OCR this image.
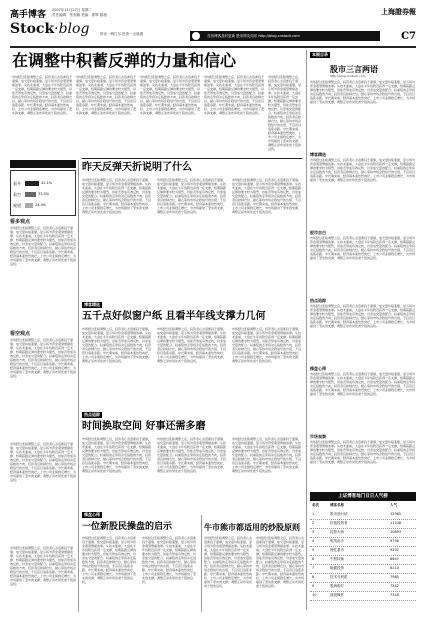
高手博客 2007年11月27日 星期二
责任编辑：张有鹏 美编：郭辉 邮箱：
Stock·blog
上海證券報
$^{在线博客及时更新 股市网友同乐 http://blog.cnstock.com}$
资讯一网打尽 投资一点就通	C7
在调整中积蓄反弹的力量和信心
市场经过连续调整之后，投资者心态逐渐趋于谨慎，成交量持续萎缩，显示场外资金观望情绪浓厚。从技术面看，大盘在半年线附近获得一定支撑，短期超跌反弹的要求较为强烈，但能否形成有效反转，仍需成交量的配合。权重股的走势将决定指数的方向，投资者宜控制仓位，耐心等待市场企稳信号的出现，不宜盲目追涨杀跌。中长期来看，经济基本面依然向好，上市公司业绩稳定增长，为市场提供了坚实的支撑，调整正是布局优质个股的良机。
市场经过连续调整之后，投资者心态逐渐趋于谨慎，成交量持续萎缩，显示场外资金观望情绪浓厚。从技术面看，大盘在半年线附近获得一定支撑，短期超跌反弹的要求较为强烈，但能否形成有效反转，仍需成交量的配合。权重股的走势将决定指数的方向，投资者宜控制仓位，耐心等待市场企稳信号的出现，不宜盲目追涨杀跌。中长期来看，经济基本面依然向好，上市公司业绩稳定增长，为市场提供了坚实的支撑，调整正是布局优质个股的良机。
市场经过连续调整之后，投资者心态逐渐趋于谨慎，成交量持续萎缩，显示场外资金观望情绪浓厚。从技术面看，大盘在半年线附近获得一定支撑，短期超跌反弹的要求较为强烈，但能否形成有效反转，仍需成交量的配合。权重股的走势将决定指数的方向，投资者宜控制仓位，耐心等待市场企稳信号的出现，不宜盲目追涨杀跌。中长期来看，经济基本面依然向好，上市公司业绩稳定增长，为市场提供了坚实的支撑，调整正是布局优质个股的良机。
市场经过连续调整之后，投资者心态逐渐趋于谨慎，成交量持续萎缩，显示场外资金观望情绪浓厚。从技术面看，大盘在半年线附近获得一定支撑，短期超跌反弹的要求较为强烈，但能否形成有效反转，仍需成交量的配合。权重股的走势将决定指数的方向，投资者宜控制仓位，耐心等待市场企稳信号的出现，不宜盲目追涨杀跌。中长期来看，经济基本面依然向好，上市公司业绩稳定增长，为市场提供了坚实的支撑，调整正是布局优质个股的良机。
市场经过连续调整之后，投资者心态逐渐趋于谨慎，成交量持续萎缩，显示场外资金观望情绪浓厚。从技术面看，大盘在半年线附近获得一定支撑，短期超跌反弹的要求较为强烈，但能否形成有效反转，仍需成交量的配合。权重股的走势将决定指数的方向，投资者宜控制仓位，耐心等待市场企稳信号的出现，不宜盲目追涨杀跌。中长期来看，经济基本面依然向好，上市公司业绩稳定增长，为市场提供了坚实的支撑，调整正是布局优质个股的良机。
本期目录
股市三言两语
http://blog.cnstock.com
市场经过连续调整之后，投资者心态逐渐趋于谨慎，成交量持续萎缩，显示场外资金观望情绪浓厚。从技术面看，大盘在半年线附近获得一定支撑，短期超跌反弹的要求较为强烈，但能否形成有效反转，仍需成交量的配合。权重股的走势将决定指数的方向，投资者宜控制仓位，耐心等待市场企稳信号的出现，不宜盲目追涨杀跌。中长期来看，经济基本面依然向好，上市公司业绩稳定增长，为市场提供了坚实的支撑，调整正是布局优质个股的良机。
博客精选
市场经过连续调整之后，投资者心态逐渐趋于谨慎，成交量持续萎缩，显示场外资金观望情绪浓厚。从技术面看，大盘在半年线附近获得一定支撑，短期超跌反弹的要求较为强烈，但能否形成有效反转，仍需成交量的配合。权重股的走势将决定指数的方向，投资者宜控制仓位，耐心等待市场企稳信号的出现，不宜盲目追涨杀跌。中长期来看，经济基本面依然向好，上市公司业绩稳定增长，为市场提供了坚实的支撑，调整正是布局优质个股的良机。
股市自白
市场经过连续调整之后，投资者心态逐渐趋于谨慎，成交量持续萎缩，显示场外资金观望情绪浓厚。从技术面看，大盘在半年线附近获得一定支撑，短期超跌反弹的要求较为强烈，但能否形成有效反转，仍需成交量的配合。权重股的走势将决定指数的方向，投资者宜控制仓位，耐心等待市场企稳信号的出现，不宜盲目追涨杀跌。中长期来看，经济基本面依然向好，上市公司业绩稳定增长，为市场提供了坚实的支撑，调整正是布局优质个股的良机。
热点追踪
市场经过连续调整之后，投资者心态逐渐趋于谨慎，成交量持续萎缩，显示场外资金观望情绪浓厚。从技术面看，大盘在半年线附近获得一定支撑，短期超跌反弹的要求较为强烈，但能否形成有效反转，仍需成交量的配合。权重股的走势将决定指数的方向，投资者宜控制仓位，耐心等待市场企稳信号的出现，不宜盲目追涨杀跌。中长期来看，经济基本面依然向好，上市公司业绩稳定增长，为市场提供了坚实的支撑，调整正是布局优质个股的良机。
操盘心得
市场经过连续调整之后，投资者心态逐渐趋于谨慎，成交量持续萎缩，显示场外资金观望情绪浓厚。从技术面看，大盘在半年线附近获得一定支撑，短期超跌反弹的要求较为强烈，但能否形成有效反转，仍需成交量的配合。权重股的走势将决定指数的方向，投资者宜控制仓位，耐心等待市场企稳信号的出现，不宜盲目追涨杀跌。中长期来看，经济基本面依然向好，上市公司业绩稳定增长，为市场提供了坚实的支撑，调整正是布局优质个股的良机。
市场观察
市场经过连续调整之后，投资者心态逐渐趋于谨慎，成交量持续萎缩，显示场外资金观望情绪浓厚。从技术面看，大盘在半年线附近获得一定支撑，短期超跌反弹的要求较为强烈，但能否形成有效反转，仍需成交量的配合。权重股的走势将决定指数的方向，投资者宜控制仓位，耐心等待市场企稳信号的出现，不宜盲目追涨杀跌。中长期来看，经济基本面依然向好，上市公司业绩稳定增长，为市场提供了坚实的支撑，调整正是布局优质个股的良机。
上证博客地门日日人气榜
名次	博客名称	人气
1	股市独行侠	12365
2	价值投资者	11248
3	趋势大师	10893
4	短线高手	9756
5	理性看市	9102
6	牛熊转换	8847
7	稳健投资	8210
8	技术分析派	7985
9	股海明灯	7542
10	波段操作	7318
多空对决
看多	42.1%
看空	33.5%
观望	24.4%
看多观点
市场经过连续调整之后，投资者心态逐渐趋于谨慎，成交量持续萎缩，显示场外资金观望情绪浓厚。从技术面看，大盘在半年线附近获得一定支撑，短期超跌反弹的要求较为强烈，但能否形成有效反转，仍需成交量的配合。权重股的走势将决定指数的方向，投资者宜控制仓位，耐心等待市场企稳信号的出现，不宜盲目追涨杀跌。中长期来看，经济基本面依然向好，上市公司业绩稳定增长，为市场提供了坚实的支撑，调整正是布局优质个股的良机。
看空观点
市场经过连续调整之后，投资者心态逐渐趋于谨慎，成交量持续萎缩，显示场外资金观望情绪浓厚。从技术面看，大盘在半年线附近获得一定支撑，短期超跌反弹的要求较为强烈，但能否形成有效反转，仍需成交量的配合。权重股的走势将决定指数的方向，投资者宜控制仓位，耐心等待市场企稳信号的出现，不宜盲目追涨杀跌。中长期来看，经济基本面依然向好，上市公司业绩稳定增长，为市场提供了坚实的支撑，调整正是布局优质个股的良机。
市场经过连续调整之后，投资者心态逐渐趋于谨慎，成交量持续萎缩，显示场外资金观望情绪浓厚。从技术面看，大盘在半年线附近获得一定支撑，短期超跌反弹的要求较为强烈，但能否形成有效反转，仍需成交量的配合。权重股的走势将决定指数的方向，投资者宜控制仓位，耐心等待市场企稳信号的出现，不宜盲目追涨杀跌。中长期来看，经济基本面依然向好，上市公司业绩稳定增长，为市场提供了坚实的支撑，调整正是布局优质个股的良机。
市场经过连续调整之后，投资者心态逐渐趋于谨慎，成交量持续萎缩，显示场外资金观望情绪浓厚。从技术面看，大盘在半年线附近获得一定支撑，短期超跌反弹的要求较为强烈，但能否形成有效反转，仍需成交量的配合。权重股的走势将决定指数的方向，投资者宜控制仓位，耐心等待市场企稳信号的出现，不宜盲目追涨杀跌。中长期来看，经济基本面依然向好，上市公司业绩稳定增长，为市场提供了坚实的支撑，调整正是布局优质个股的良机。
昨天反弹天折说明了什么
市场经过连续调整之后，投资者心态逐渐趋于谨慎，成交量持续萎缩，显示场外资金观望情绪浓厚。从技术面看，大盘在半年线附近获得一定支撑，短期超跌反弹的要求较为强烈，但能否形成有效反转，仍需成交量的配合。权重股的走势将决定指数的方向，投资者宜控制仓位，耐心等待市场企稳信号的出现，不宜盲目追涨杀跌。中长期来看，经济基本面依然向好，上市公司业绩稳定增长，为市场提供了坚实的支撑，调整正是布局优质个股的良机。
市场经过连续调整之后，投资者心态逐渐趋于谨慎，成交量持续萎缩，显示场外资金观望情绪浓厚。从技术面看，大盘在半年线附近获得一定支撑，短期超跌反弹的要求较为强烈，但能否形成有效反转，仍需成交量的配合。权重股的走势将决定指数的方向，投资者宜控制仓位，耐心等待市场企稳信号的出现，不宜盲目追涨杀跌。中长期来看，经济基本面依然向好，上市公司业绩稳定增长，为市场提供了坚实的支撑，调整正是布局优质个股的良机。
市场经过连续调整之后，投资者心态逐渐趋于谨慎，成交量持续萎缩，显示场外资金观望情绪浓厚。从技术面看，大盘在半年线附近获得一定支撑，短期超跌反弹的要求较为强烈，但能否形成有效反转，仍需成交量的配合。权重股的走势将决定指数的方向，投资者宜控制仓位，耐心等待市场企稳信号的出现，不宜盲目追涨杀跌。中长期来看，经济基本面依然向好，上市公司业绩稳定增长，为市场提供了坚实的支撑，调整正是布局优质个股的良机。
博客精选
五千点好似窗户纸 且看半年线支撑力几何
市场经过连续调整之后，投资者心态逐渐趋于谨慎，成交量持续萎缩，显示场外资金观望情绪浓厚。从技术面看，大盘在半年线附近获得一定支撑，短期超跌反弹的要求较为强烈，但能否形成有效反转，仍需成交量的配合。权重股的走势将决定指数的方向，投资者宜控制仓位，耐心等待市场企稳信号的出现，不宜盲目追涨杀跌。中长期来看，经济基本面依然向好，上市公司业绩稳定增长，为市场提供了坚实的支撑，调整正是布局优质个股的良机。
市场经过连续调整之后，投资者心态逐渐趋于谨慎，成交量持续萎缩，显示场外资金观望情绪浓厚。从技术面看，大盘在半年线附近获得一定支撑，短期超跌反弹的要求较为强烈，但能否形成有效反转，仍需成交量的配合。权重股的走势将决定指数的方向，投资者宜控制仓位，耐心等待市场企稳信号的出现，不宜盲目追涨杀跌。中长期来看，经济基本面依然向好，上市公司业绩稳定增长，为市场提供了坚实的支撑，调整正是布局优质个股的良机。
市场经过连续调整之后，投资者心态逐渐趋于谨慎，成交量持续萎缩，显示场外资金观望情绪浓厚。从技术面看，大盘在半年线附近获得一定支撑，短期超跌反弹的要求较为强烈，但能否形成有效反转，仍需成交量的配合。权重股的走势将决定指数的方向，投资者宜控制仓位，耐心等待市场企稳信号的出现，不宜盲目追涨杀跌。中长期来看，经济基本面依然向好，上市公司业绩稳定增长，为市场提供了坚实的支撑，调整正是布局优质个股的良机。
热点追踪
时间换取空间 好事还需多磨
市场经过连续调整之后，投资者心态逐渐趋于谨慎，成交量持续萎缩，显示场外资金观望情绪浓厚。从技术面看，大盘在半年线附近获得一定支撑，短期超跌反弹的要求较为强烈，但能否形成有效反转，仍需成交量的配合。权重股的走势将决定指数的方向，投资者宜控制仓位，耐心等待市场企稳信号的出现，不宜盲目追涨杀跌。中长期来看，经济基本面依然向好，上市公司业绩稳定增长，为市场提供了坚实的支撑，调整正是布局优质个股的良机。
市场经过连续调整之后，投资者心态逐渐趋于谨慎，成交量持续萎缩，显示场外资金观望情绪浓厚。从技术面看，大盘在半年线附近获得一定支撑，短期超跌反弹的要求较为强烈，但能否形成有效反转，仍需成交量的配合。权重股的走势将决定指数的方向，投资者宜控制仓位，耐心等待市场企稳信号的出现，不宜盲目追涨杀跌。中长期来看，经济基本面依然向好，上市公司业绩稳定增长，为市场提供了坚实的支撑，调整正是布局优质个股的良机。
市场经过连续调整之后，投资者心态逐渐趋于谨慎，成交量持续萎缩，显示场外资金观望情绪浓厚。从技术面看，大盘在半年线附近获得一定支撑，短期超跌反弹的要求较为强烈，但能否形成有效反转，仍需成交量的配合。权重股的走势将决定指数的方向，投资者宜控制仓位，耐心等待市场企稳信号的出现，不宜盲目追涨杀跌。中长期来看，经济基本面依然向好，上市公司业绩稳定增长，为市场提供了坚实的支撑，调整正是布局优质个股的良机。
操盘心得
一位新股民操盘的启示
市场经过连续调整之后，投资者心态逐渐趋于谨慎，成交量持续萎缩，显示场外资金观望情绪浓厚。从技术面看，大盘在半年线附近获得一定支撑，短期超跌反弹的要求较为强烈，但能否形成有效反转，仍需成交量的配合。权重股的走势将决定指数的方向，投资者宜控制仓位，耐心等待市场企稳信号的出现，不宜盲目追涨杀跌。中长期来看，经济基本面依然向好，上市公司业绩稳定增长，为市场提供了坚实的支撑，调整正是布局优质个股的良机。
市场经过连续调整之后，投资者心态逐渐趋于谨慎，成交量持续萎缩，显示场外资金观望情绪浓厚。从技术面看，大盘在半年线附近获得一定支撑，短期超跌反弹的要求较为强烈，但能否形成有效反转，仍需成交量的配合。权重股的走势将决定指数的方向，投资者宜控制仓位，耐心等待市场企稳信号的出现，不宜盲目追涨杀跌。中长期来看，经济基本面依然向好，上市公司业绩稳定增长，为市场提供了坚实的支撑，调整正是布局优质个股的良机。
牛市熊市都适用的炒股原则
市场经过连续调整之后，投资者心态逐渐趋于谨慎，成交量持续萎缩，显示场外资金观望情绪浓厚。从技术面看，大盘在半年线附近获得一定支撑，短期超跌反弹的要求较为强烈，但能否形成有效反转，仍需成交量的配合。权重股的走势将决定指数的方向，投资者宜控制仓位，耐心等待市场企稳信号的出现，不宜盲目追涨杀跌。中长期来看，经济基本面依然向好，上市公司业绩稳定增长，为市场提供了坚实的支撑，调整正是布局优质个股的良机。
市场经过连续调整之后，投资者心态逐渐趋于谨慎，成交量持续萎缩，显示场外资金观望情绪浓厚。从技术面看，大盘在半年线附近获得一定支撑，短期超跌反弹的要求较为强烈，但能否形成有效反转，仍需成交量的配合。权重股的走势将决定指数的方向，投资者宜控制仓位，耐心等待市场企稳信号的出现，不宜盲目追涨杀跌。中长期来看，经济基本面依然向好，上市公司业绩稳定增长，为市场提供了坚实的支撑，调整正是布局优质个股的良机。
